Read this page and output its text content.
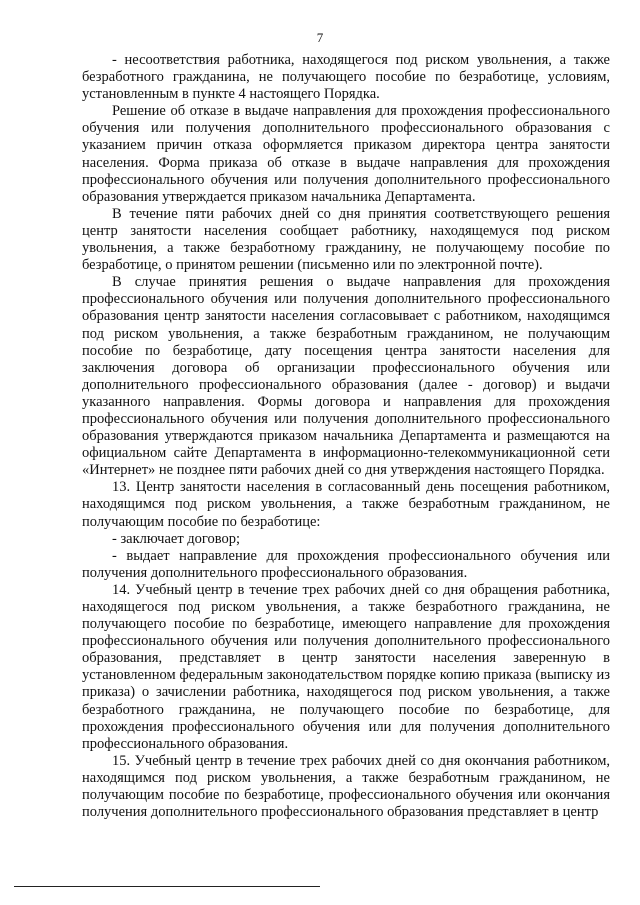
7

- несоответствия работника, находящегося под риском увольнения, а также безработного гражданина, не получающего пособие по безработице, условиям, установленным в пункте 4 настоящего Порядка.

Решение об отказе в выдаче направления для прохождения профессионального обучения или получения дополнительного профессионального образования с указанием причин отказа оформляется приказом директора центра занятости населения. Форма приказа об отказе в выдаче направления для прохождения профессионального обучения или получения дополнительного профессионального образования утверждается приказом начальника Департамента.

В течение пяти рабочих дней со дня принятия соответствующего решения центр занятости населения сообщает работнику, находящемуся под риском увольнения, а также безработному гражданину, не получающему пособие по безработице, о принятом решении (письменно или по электронной почте).

В случае принятия решения о выдаче направления для прохождения профессионального обучения или получения дополнительного профессионального образования центр занятости населения согласовывает с работником, находящимся под риском увольнения, а также безработным гражданином, не получающим пособие по безработице, дату посещения центра занятости населения для заключения договора об организации профессионального обучения или дополнительного профессионального образования (далее - договор) и выдачи указанного направления. Формы договора и направления для прохождения профессионального обучения или получения дополнительного профессионального образования утверждаются приказом начальника Департамента и размещаются на официальном сайте Департамента в информационно-телекоммуникационной сети «Интернет» не позднее пяти рабочих дней со дня утверждения настоящего Порядка.

13. Центр занятости населения в согласованный день посещения работником, находящимся под риском увольнения, а также безработным гражданином, не получающим пособие по безработице:

- заключает договор;

- выдает направление для прохождения профессионального обучения или получения дополнительного профессионального образования.

14. Учебный центр в течение трех рабочих дней со дня обращения работника, находящегося под риском увольнения, а также безработного гражданина, не получающего пособие по безработице, имеющего направление для прохождения профессионального обучения или получения дополнительного профессионального образования, представляет в центр занятости населения заверенную в установленном федеральным законодательством порядке копию приказа (выписку из приказа) о зачислении работника, находящегося под риском увольнения, а также безработного гражданина, не получающего пособие по безработице, для прохождения профессионального обучения или для получения дополнительного профессионального образования.

15. Учебный центр в течение трех рабочих дней со дня окончания работником, находящимся под риском увольнения, а также безработным гражданином, не получающим пособие по безработице, профессионального обучения или окончания получения дополнительного профессионального образования представляет в центр
